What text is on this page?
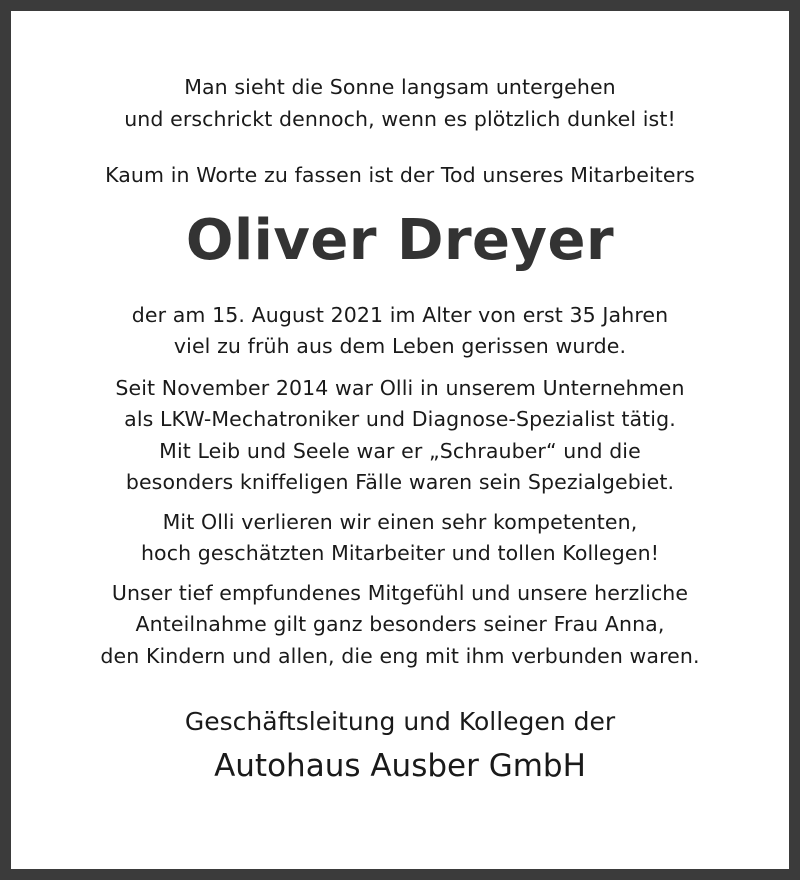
Man sieht die Sonne langsam untergehen
und erschrickt dennoch, wenn es plötzlich dunkel ist!
Kaum in Worte zu fassen ist der Tod unseres Mitarbeiters
Oliver Dreyer
der am 15. August 2021 im Alter von erst 35 Jahren
viel zu früh aus dem Leben gerissen wurde.
Seit November 2014 war Olli in unserem Unternehmen
als LKW-Mechatroniker und Diagnose-Spezialist tätig.
Mit Leib und Seele war er „Schrauber“ und die
besonders kniffeligen Fälle waren sein Spezialgebiet.
Mit Olli verlieren wir einen sehr kompetenten,
hoch geschätzten Mitarbeiter und tollen Kollegen!
Unser tief empfundenes Mitgefühl und unsere herzliche
Anteilnahme gilt ganz besonders seiner Frau Anna,
den Kindern und allen, die eng mit ihm verbunden waren.
Geschäftsleitung und Kollegen der
Autohaus Ausber GmbH
